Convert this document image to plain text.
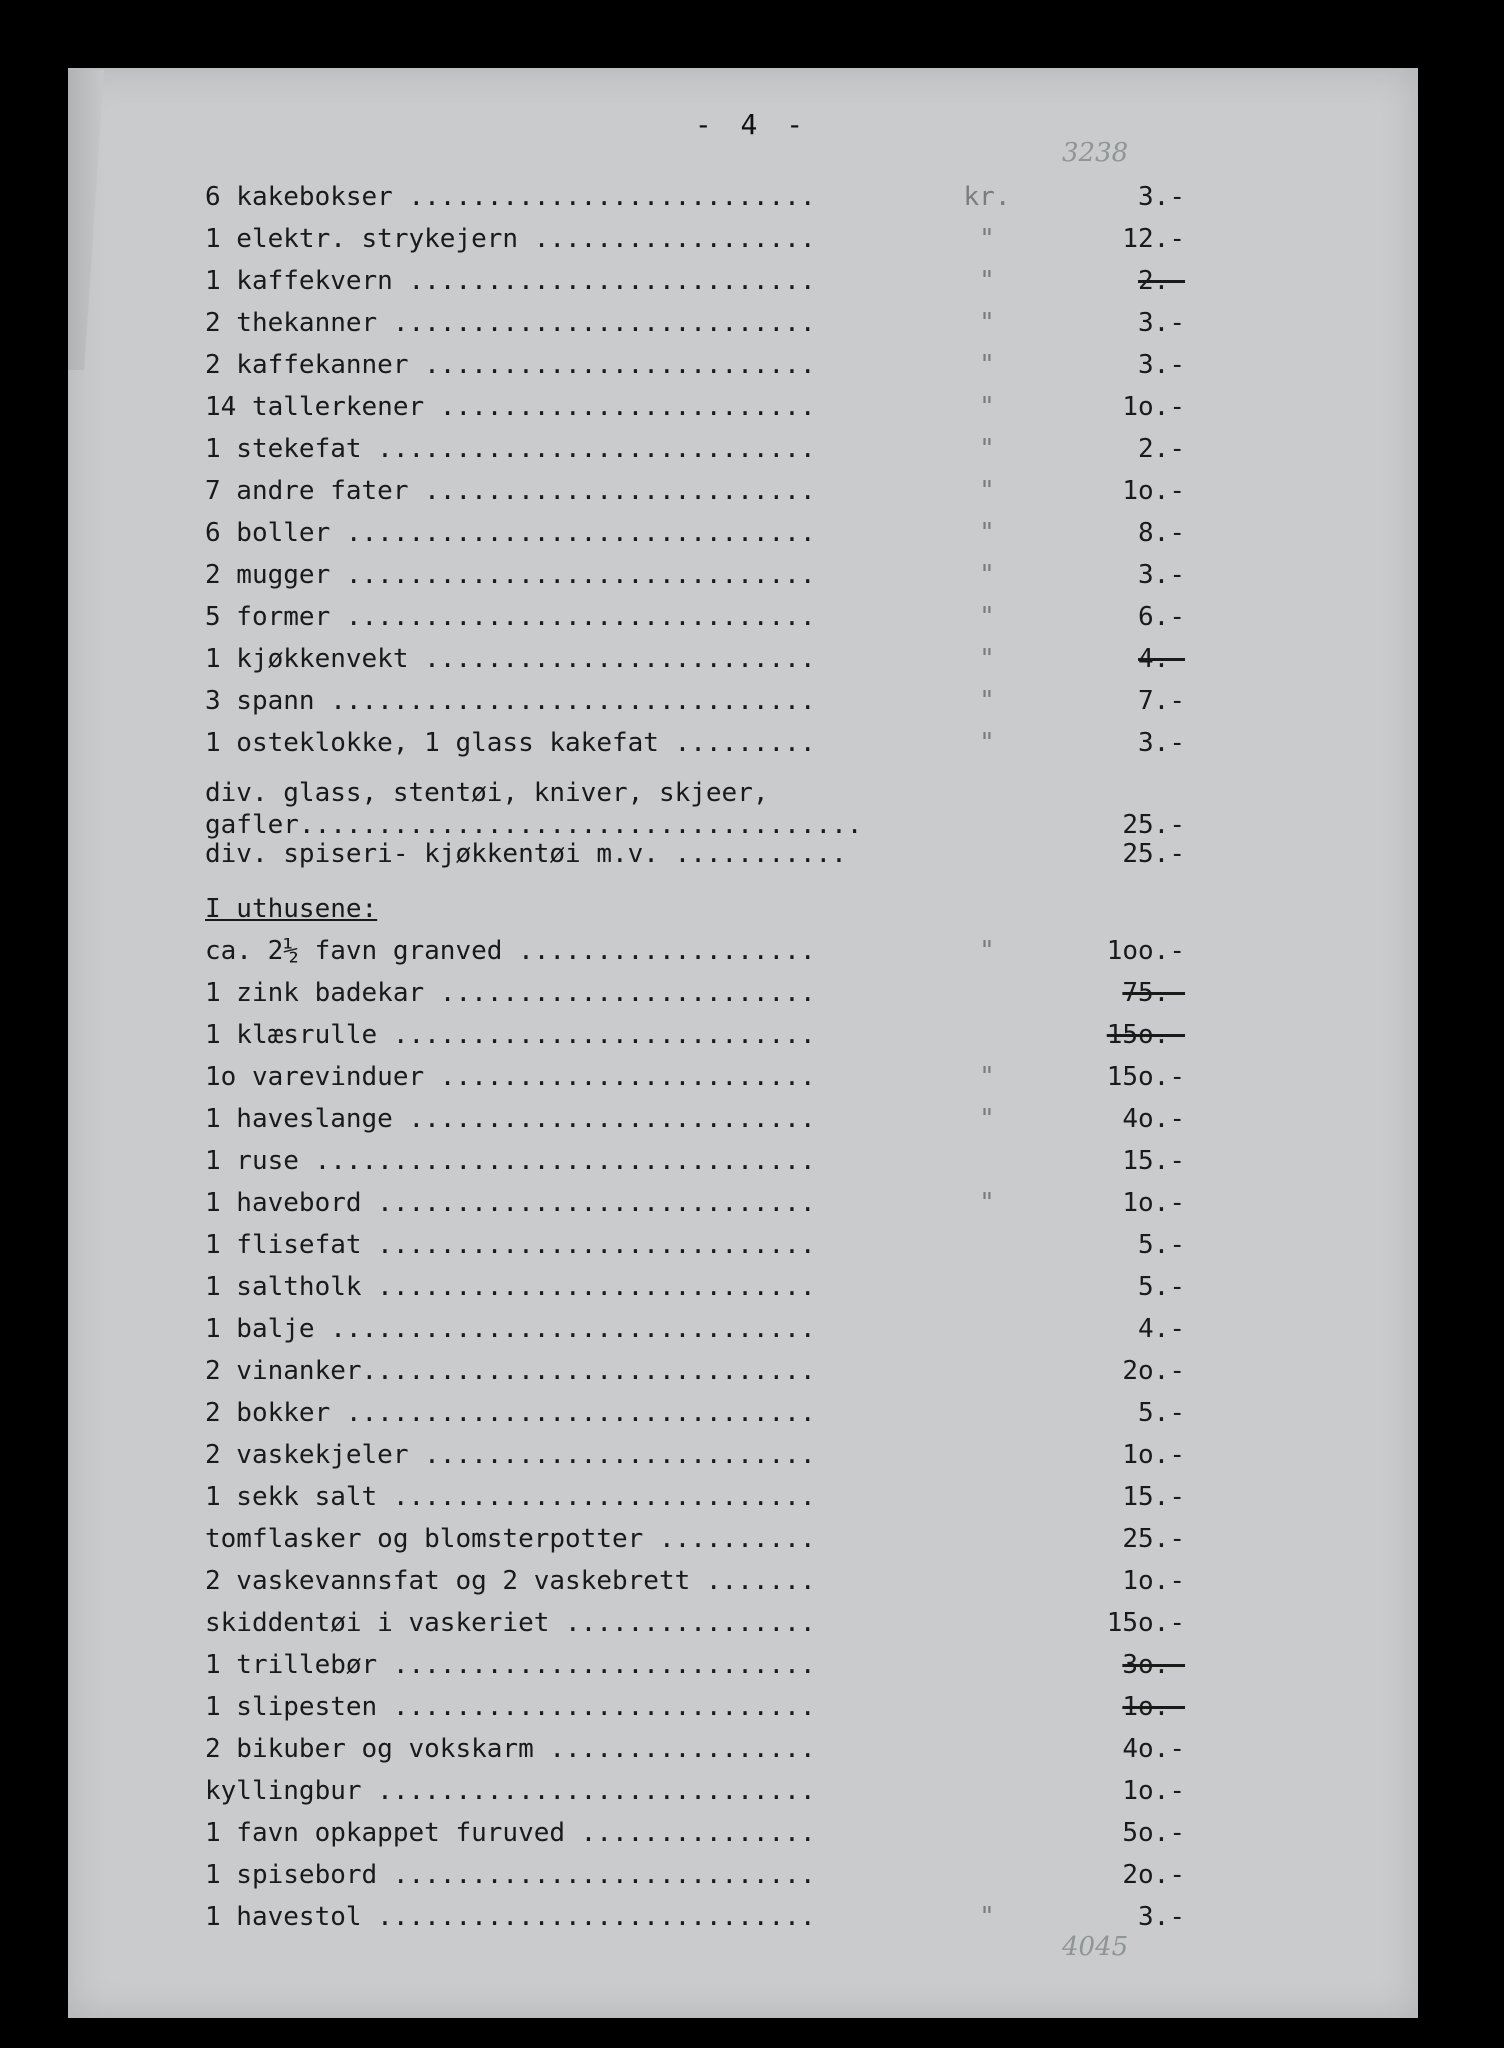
- 4 -
3238
6 kakebokser ..........................	kr.	3.-
1 elektr. strykejern ..................	"	12.-
1 kaffekvern ..........................	"	2.-
2 thekanner ...........................	"	3.-
2 kaffekanner .........................	"	3.-
14 tallerkener ........................	"	1o.-
1 stekefat ............................	"	2.-
7 andre fater .........................	"	1o.-
6 boller ..............................	"	8.-
2 mugger ..............................	"	3.-
5 former ..............................	"	6.-
1 kjøkkenvekt .........................	"	4.-
3 spann ...............................	"	7.-
1 osteklokke, 1 glass kakefat .........	"	3.-
div. glass, stentøi, kniver, skjeer,
gafler....................................	25.-
div. spiseri- kjøkkentøi m.v. ...........	25.-
I uthusene:
ca. 2½ favn granved ...................	"	1oo.-
1 zink badekar ........................	75.-
1 klæsrulle ...........................	15o.-
1o varevinduer ........................	"	15o.-
1 haveslange ..........................	"	4o.-
1 ruse ................................	15.-
1 havebord ............................	"	1o.-
1 flisefat ............................	5.-
1 saltholk ............................	5.-
1 balje ...............................	4.-
2 vinanker.............................	2o.-
2 bokker ..............................	5.-
2 vaskekjeler .........................	1o.-
1 sekk salt ...........................	15.-
tomflasker og blomsterpotter ..........	25.-
2 vaskevannsfat og 2 vaskebrett .......	1o.-
skiddentøi i vaskeriet ................	15o.-
1 trillebør ...........................	3o.-
1 slipesten ...........................	1o.-
2 bikuber og vokskarm .................	4o.-
kyllingbur ............................	1o.-
1 favn opkappet furuved ...............	5o.-
1 spisebord ...........................	2o.-
1 havestol ............................	"	3.-
4045
